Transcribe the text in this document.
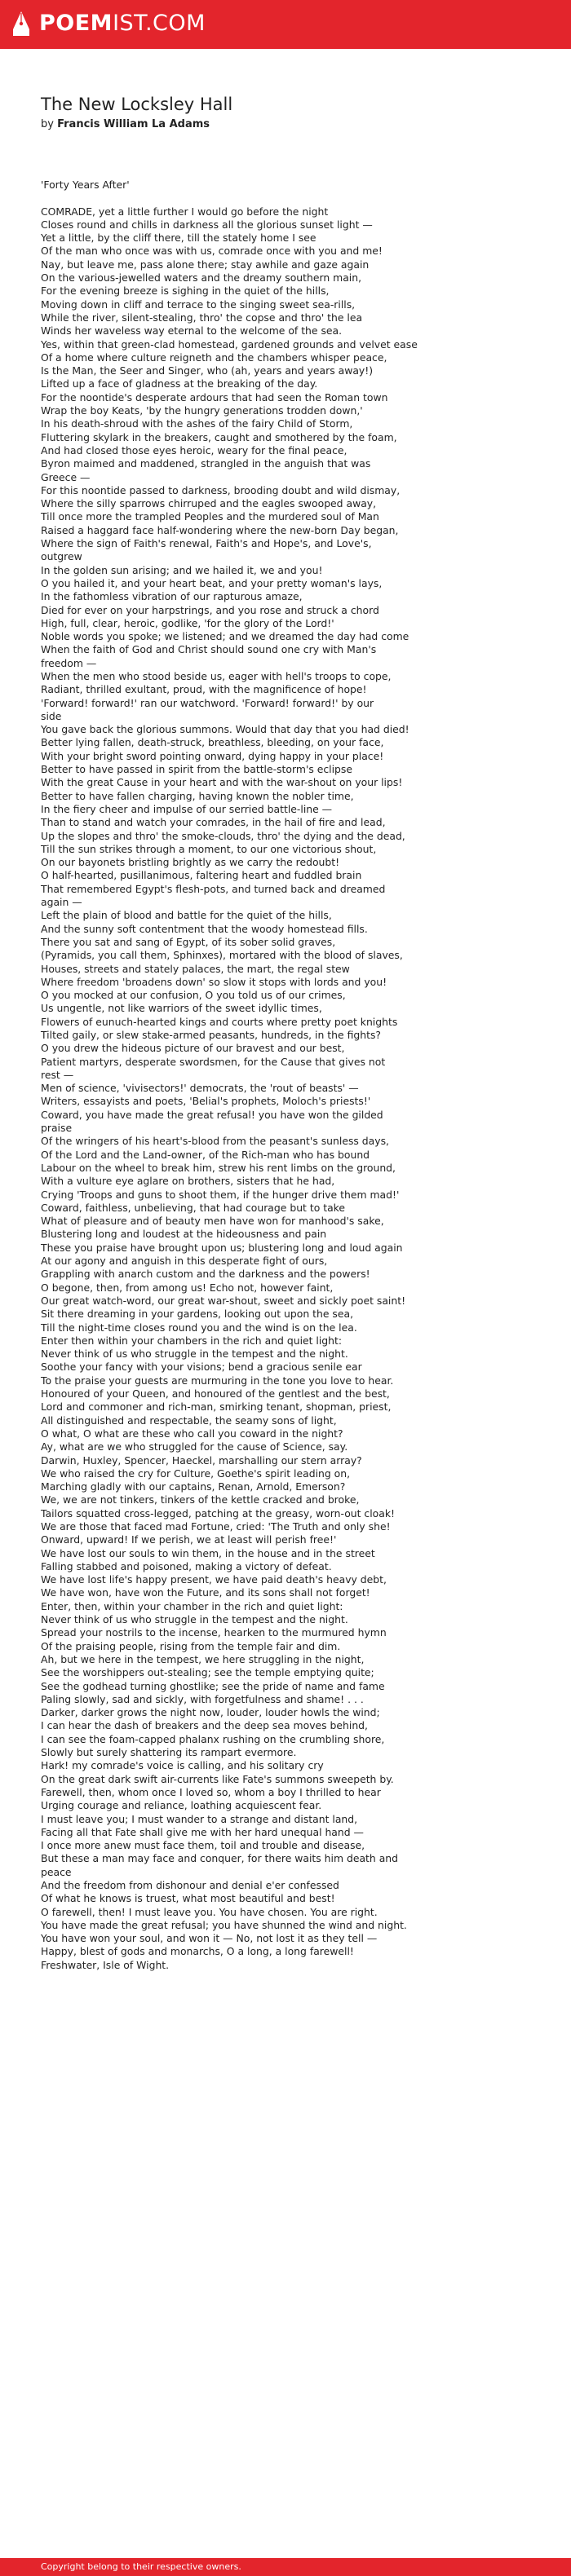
POEMIST.COM
The New Locksley Hall
by Francis William La Adams
'Forty Years After'
COMRADE, yet a little further I would go before the night
Closes round and chills in darkness all the glorious sunset light —
Yet a little, by the cliff there, till the stately home I see
Of the man who once was with us, comrade once with you and me!
Nay, but leave me, pass alone there; stay awhile and gaze again
On the various-jewelled waters and the dreamy southern main,
For the evening breeze is sighing in the quiet of the hills,
Moving down in cliff and terrace to the singing sweet sea-rills,
While the river, silent-stealing, thro' the copse and thro' the lea
Winds her waveless way eternal to the welcome of the sea.
Yes, within that green-clad homestead, gardened grounds and velvet ease
Of a home where culture reigneth and the chambers whisper peace,
Is the Man, the Seer and Singer, who (ah, years and years away!)
Lifted up a face of gladness at the breaking of the day.
For the noontide's desperate ardours that had seen the Roman town
Wrap the boy Keats, 'by the hungry generations trodden down,'
In his death-shroud with the ashes of the fairy Child of Storm,
Fluttering skylark in the breakers, caught and smothered by the foam,
And had closed those eyes heroic, weary for the final peace,
Byron maimed and maddened, strangled in the anguish that was
Greece —
For this noontide passed to darkness, brooding doubt and wild dismay,
Where the silly sparrows chirruped and the eagles swooped away,
Till once more the trampled Peoples and the murdered soul of Man
Raised a haggard face half-wondering where the new-born Day began,
Where the sign of Faith's renewal, Faith's and Hope's, and Love's,
outgrew
In the golden sun arising; and we hailed it, we and you!
O you hailed it, and your heart beat, and your pretty woman's lays,
In the fathomless vibration of our rapturous amaze,
Died for ever on your harpstrings, and you rose and struck a chord
High, full, clear, heroic, godlike, 'for the glory of the Lord!'
Noble words you spoke; we listened; and we dreamed the day had come
When the faith of God and Christ should sound one cry with Man's
freedom —
When the men who stood beside us, eager with hell's troops to cope,
Radiant, thrilled exultant, proud, with the magnificence of hope!
'Forward! forward!' ran our watchword. 'Forward! forward!' by our
side
You gave back the glorious summons. Would that day that you had died!
Better lying fallen, death-struck, breathless, bleeding, on your face,
With your bright sword pointing onward, dying happy in your place!
Better to have passed in spirit from the battle-storm's eclipse
With the great Cause in your heart and with the war-shout on your lips!
Better to have fallen charging, having known the nobler time,
In the fiery cheer and impulse of our serried battle-line —
Than to stand and watch your comrades, in the hail of fire and lead,
Up the slopes and thro' the smoke-clouds, thro' the dying and the dead,
Till the sun strikes through a moment, to our one victorious shout,
On our bayonets bristling brightly as we carry the redoubt!
O half-hearted, pusillanimous, faltering heart and fuddled brain
That remembered Egypt's flesh-pots, and turned back and dreamed
again —
Left the plain of blood and battle for the quiet of the hills,
And the sunny soft contentment that the woody homestead fills.
There you sat and sang of Egypt, of its sober solid graves,
(Pyramids, you call them, Sphinxes), mortared with the blood of slaves,
Houses, streets and stately palaces, the mart, the regal stew
Where freedom 'broadens down' so slow it stops with lords and you!
O you mocked at our confusion, O you told us of our crimes,
Us ungentle, not like warriors of the sweet idyllic times,
Flowers of eunuch-hearted kings and courts where pretty poet knights
Tilted gaily, or slew stake-armed peasants, hundreds, in the fights?
O you drew the hideous picture of our bravest and our best,
Patient martyrs, desperate swordsmen, for the Cause that gives not
rest —
Men of science, 'vivisectors!' democrats, the 'rout of beasts' —
Writers, essayists and poets, 'Belial's prophets, Moloch's priests!'
Coward, you have made the great refusal! you have won the gilded
praise
Of the wringers of his heart's-blood from the peasant's sunless days,
Of the Lord and the Land-owner, of the Rich-man who has bound
Labour on the wheel to break him, strew his rent limbs on the ground,
With a vulture eye aglare on brothers, sisters that he had,
Crying 'Troops and guns to shoot them, if the hunger drive them mad!'
Coward, faithless, unbelieving, that had courage but to take
What of pleasure and of beauty men have won for manhood's sake,
Blustering long and loudest at the hideousness and pain
These you praise have brought upon us; blustering long and loud again
At our agony and anguish in this desperate fight of ours,
Grappling with anarch custom and the darkness and the powers!
O begone, then, from among us! Echo not, however faint,
Our great watch-word, our great war-shout, sweet and sickly poet saint!
Sit there dreaming in your gardens, looking out upon the sea,
Till the night-time closes round you and the wind is on the lea.
Enter then within your chambers in the rich and quiet light:
Never think of us who struggle in the tempest and the night.
Soothe your fancy with your visions; bend a gracious senile ear
To the praise your guests are murmuring in the tone you love to hear.
Honoured of your Queen, and honoured of the gentlest and the best,
Lord and commoner and rich-man, smirking tenant, shopman, priest,
All distinguished and respectable, the seamy sons of light,
O what, O what are these who call you coward in the night?
Ay, what are we who struggled for the cause of Science, say.
Darwin, Huxley, Spencer, Haeckel, marshalling our stern array?
We who raised the cry for Culture, Goethe's spirit leading on,
Marching gladly with our captains, Renan, Arnold, Emerson?
We, we are not tinkers, tinkers of the kettle cracked and broke,
Tailors squatted cross-legged, patching at the greasy, worn-out cloak!
We are those that faced mad Fortune, cried: 'The Truth and only she!
Onward, upward! If we perish, we at least will perish free!'
We have lost our souls to win them, in the house and in the street
Falling stabbed and poisoned, making a victory of defeat.
We have lost life's happy present, we have paid death's heavy debt,
We have won, have won the Future, and its sons shall not forget!
Enter, then, within your chamber in the rich and quiet light:
Never think of us who struggle in the tempest and the night.
Spread your nostrils to the incense, hearken to the murmured hymn
Of the praising people, rising from the temple fair and dim.
Ah, but we here in the tempest, we here struggling in the night,
See the worshippers out-stealing; see the temple emptying quite;
See the godhead turning ghostlike; see the pride of name and fame
Paling slowly, sad and sickly, with forgetfulness and shame! . . .
Darker, darker grows the night now, louder, louder howls the wind;
I can hear the dash of breakers and the deep sea moves behind,
I can see the foam-capped phalanx rushing on the crumbling shore,
Slowly but surely shattering its rampart evermore.
Hark! my comrade's voice is calling, and his solitary cry
On the great dark swift air-currents like Fate's summons sweepeth by.
Farewell, then, whom once I loved so, whom a boy I thrilled to hear
Urging courage and reliance, loathing acquiescent fear.
I must leave you; I must wander to a strange and distant land,
Facing all that Fate shall give me with her hard unequal hand —
I once more anew must face them, toil and trouble and disease,
But these a man may face and conquer, for there waits him death and
peace
And the freedom from dishonour and denial e'er confessed
Of what he knows is truest, what most beautiful and best!
O farewell, then! I must leave you. You have chosen. You are right.
You have made the great refusal; you have shunned the wind and night.
You have won your soul, and won it — No, not lost it as they tell —
Happy, blest of gods and monarchs, O a long, a long farewell!
Freshwater, Isle of Wight.
Copyright belong to their respective owners.
